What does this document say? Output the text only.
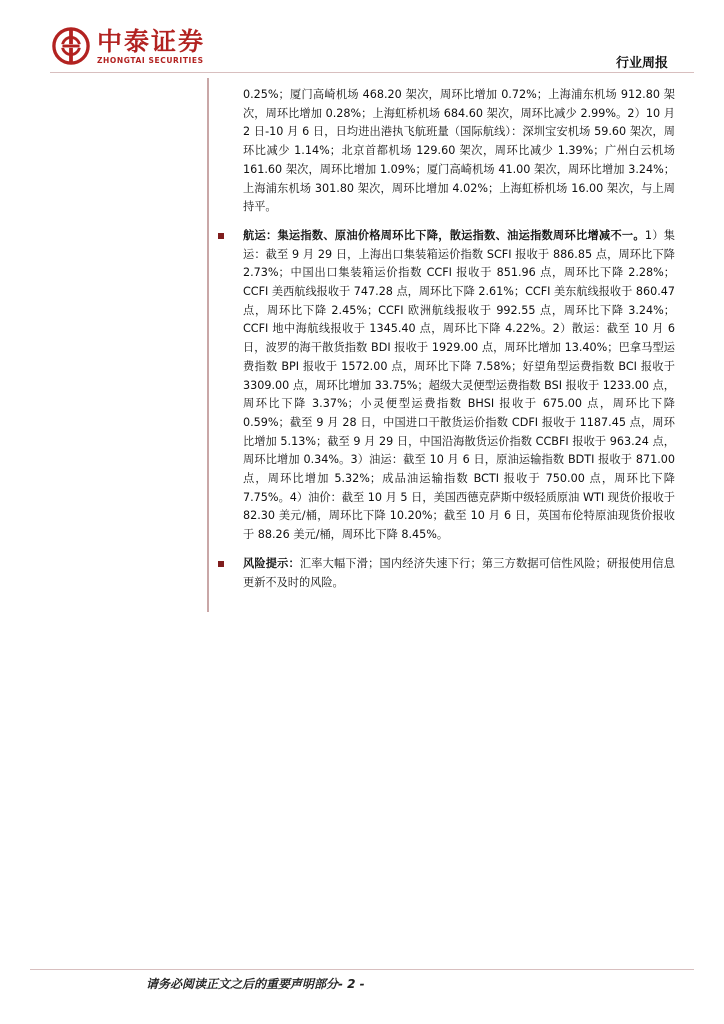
中泰证券
ZHONGTAI SECURITIES	行业周报
0.25%；厦门高崎机场 468.20 架次，周环比增加 0.72%；上海浦东机场 912.80 架次，周环比增加 0.28%；上海虹桥机场 684.60 架次，周环比减少 2.99%。2）10 月 2 日-10 月 6 日，日均进出港执飞航班量（国际航线）：深圳宝安机场 59.60 架次，周环比减少 1.14%；北京首都机场 129.60 架次，周环比减少 1.39%；广州白云机场 161.60 架次，周环比增加 1.09%；厦门高崎机场 41.00 架次，周环比增加 3.24%；上海浦东机场 301.80 架次，周环比增加 4.02%；上海虹桥机场 16.00 架次，与上周持平。
航运：集运指数、原油价格周环比下降，散运指数、油运指数周环比增减不一。1）集运：截至 9 月 29 日，上海出口集装箱运价指数 SCFI 报收于 886.85 点，周环比下降 2.73%；中国出口集装箱运价指数 CCFI 报收于 851.96 点，周环比下降 2.28%；CCFI 美西航线报收于 747.28 点，周环比下降 2.61%；CCFI 美东航线报收于 860.47 点，周环比下降 2.45%；CCFI 欧洲航线报收于 992.55 点，周环比下降 3.24%；CCFI 地中海航线报收于 1345.40 点，周环比下降 4.22%。2）散运：截至 10 月 6 日，波罗的海干散货指数 BDI 报收于 1929.00 点，周环比增加 13.40%；巴拿马型运费指数 BPI 报收于 1572.00 点，周环比下降 7.58%；好望角型运费指数 BCI 报收于 3309.00 点，周环比增加 33.75%；超级大灵便型运费指数 BSI 报收于 1233.00 点，周环比下降 3.37%；小灵便型运费指数 BHSI 报收于 675.00 点，周环比下降 0.59%；截至 9 月 28 日，中国进口干散货运价指数 CDFI 报收于 1187.45 点，周环比增加 5.13%；截至 9 月 29 日，中国沿海散货运价指数 CCBFI 报收于 963.24 点，周环比增加 0.34%。3）油运：截至 10 月 6 日，原油运输指数 BDTI 报收于 871.00 点，周环比增加 5.32%；成品油运输指数 BCTI 报收于 750.00 点，周环比下降 7.75%。4）油价：截至 10 月 5 日，美国西德克萨斯中级轻质原油 WTI 现货价报收于 82.30 美元/桶，周环比下降 10.20%；截至 10 月 6 日，英国布伦特原油现货价报收于 88.26 美元/桶，周环比下降 8.45%。
风险提示：汇率大幅下滑；国内经济失速下行；第三方数据可信性风险；研报使用信息更新不及时的风险。
请务必阅读正文之后的重要声明部分- 2 -
